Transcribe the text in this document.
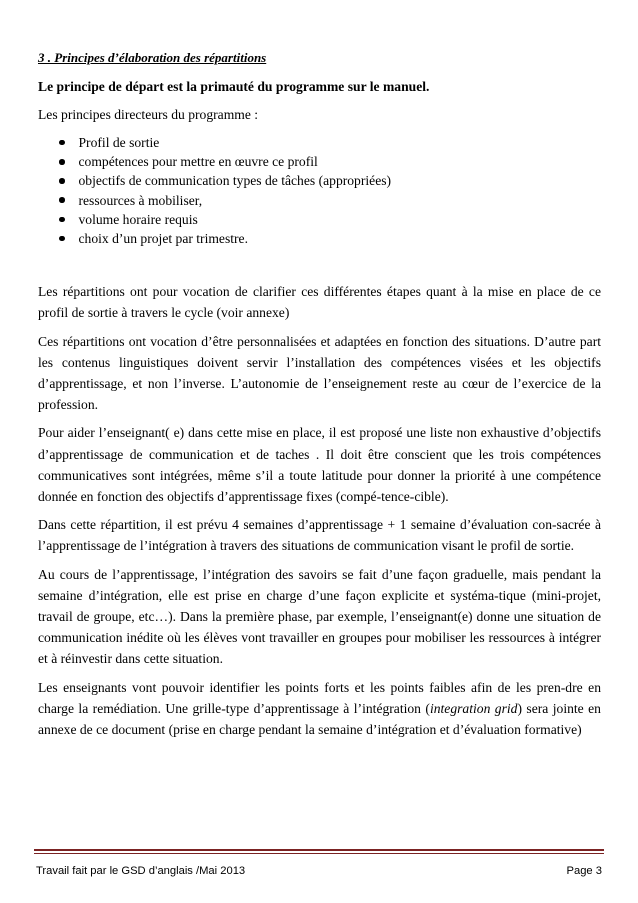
3 . Principes d’élaboration des répartitions
Le principe de départ est la primauté du programme sur le manuel.
Les principes directeurs du programme :
Profil de sortie
compétences pour mettre en œuvre ce profil
objectifs de communication types de tâches (appropriées)
ressources à mobiliser,
volume horaire requis
choix d’un projet par trimestre.

Les répartitions ont pour vocation de clarifier ces différentes étapes quant à la mise en place de ce profil de sortie à travers le cycle (voir annexe)

Ces répartitions ont vocation d’être personnalisées et adaptées en fonction des situations. D’autre part les contenus linguistiques doivent servir l’installation des compétences visées et les objectifs d’apprentissage, et non l’inverse. L’autonomie de l’enseignement reste au cœur de l’exercice de la profession.

Pour aider l’enseignant( e) dans cette mise en place, il est proposé une liste non exhaustive d’objectifs d’apprentissage de communication et de taches . Il doit être conscient que les trois compétences communicatives sont intégrées, même s’il a toute latitude pour donner la priorité à une compétence donnée en fonction des objectifs d’apprentissage fixes (compé-tence-cible).

Dans cette répartition, il est prévu 4 semaines d’apprentissage + 1 semaine d’évaluation con-sacrée à l’apprentissage de l’intégration à travers des situations de communication visant le profil de sortie.

Au cours de l’apprentissage, l’intégration des savoirs se fait d’une façon graduelle, mais pendant la semaine d’intégration, elle est prise en charge d’une façon explicite et systéma-tique (mini-projet, travail de groupe, etc…). Dans la première phase, par exemple, l’enseignant(e) donne une situation de communication inédite où les élèves vont travailler en groupes pour mobiliser les ressources à intégrer et à réinvestir dans cette situation.

Les enseignants vont pouvoir identifier les points forts et les points faibles afin de les pren-dre en charge la remédiation. Une grille-type d’apprentissage à l’intégration (integration grid) sera jointe en annexe de ce document (prise en charge pendant la semaine d’intégration et d’évaluation formative)

Travail fait par le GSD d’anglais /Mai 2013	Page 3
